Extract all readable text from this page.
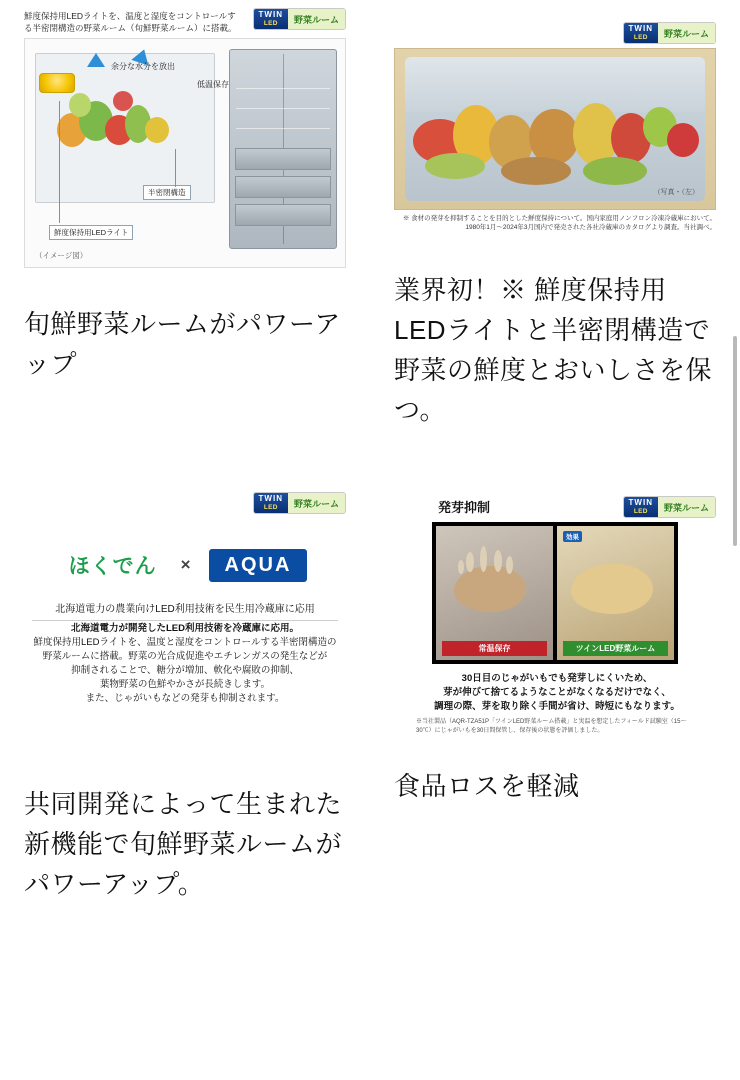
鮮度保持用LEDライトを、温度と湿度をコントロールする半密閉構造の野菜ルーム（旬鮮野菜ルーム）に搭載。
TWIN
LED	野菜ルーム
余分な水分を放出
低温保存
半密閉構造
鮮度保持用LEDライト
（イメージ図）
旬鮮野菜ルームがパワーアップ
TWIN
LED	野菜ルーム
（写真・（左）
※ 食材の発芽を抑制することを目的とした鮮度保持について。国内家庭用ノンフロン冷凍冷蔵庫において。1980年1月～2024年3月国内で発売された各社冷蔵庫のカタログより調査。当社調べ。
業界初！※ 鮮度保持用LEDライトと半密閉構造で野菜の鮮度とおいしさを保つ。
TWIN
LED	野菜ルーム
ほくでん	×	AQUA
北海道電力の農業向けLED利用技術を民生用冷蔵庫に応用
北海道電力が開発したLED利用技術を冷蔵庫に応用。
鮮度保持用LEDライトを、温度と湿度をコントロールする半密閉構造の
野菜ルームに搭載。野菜の光合成促進やエチレンガスの発生などが
抑制されることで、糖分が増加、軟化や腐敗の抑制、
葉物野菜の色鮮やかさが長続きします。
また、じゃがいもなどの発芽も抑制されます。
共同開発によって生まれた新機能で旬鮮野菜ルームがパワーアップ。
TWIN
LED	野菜ルーム
発芽抑制
常温保存
効果
ツインLED野菜ルーム
30日目のじゃがいもでも発芽しにくいため、
芽が伸びて捨てるようなことがなくなるだけでなく、
調理の際、芽を取り除く手間が省け、時短にもなります。
※当社製品（AQR-TZA51P「ツインLED野菜ルーム搭載」と実温を想定したフィールド試験室（15～30℃）にじゃがいもを30日間保管し、保存後の状態を評価しました。
食品ロスを軽減
